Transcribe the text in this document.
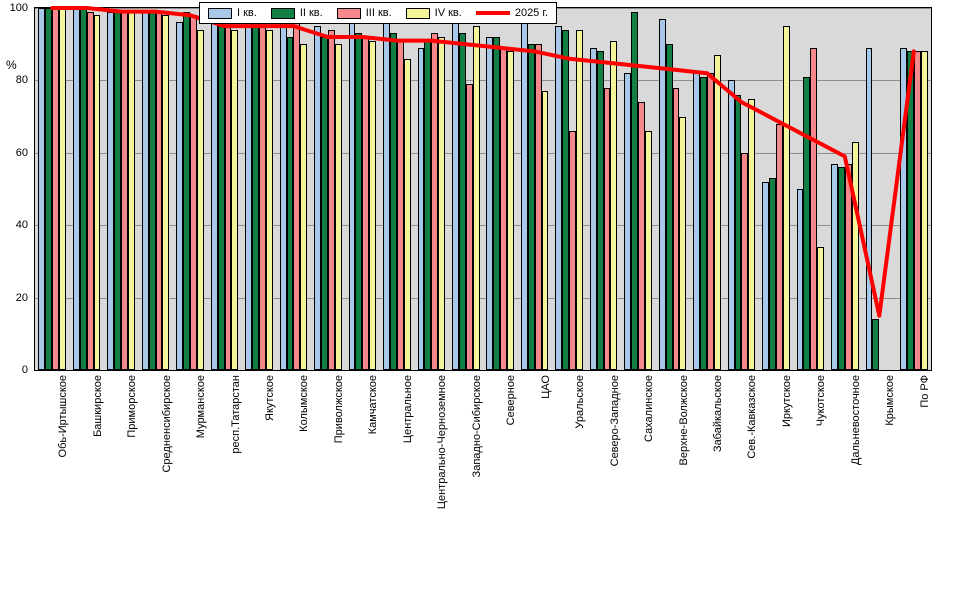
%
0
20
40
60
80
100	I кв.	II кв.	III кв.	IV кв.	2025 г.
Обь-Иртышское Башкирское Приморское Средненсибирское Мурманское респ.Татарстан Якутское Колымское Приволжское Камчатское Центральное Центрально-Черноземное Западно-Сибирское Северное ЦАО Уральское Северо-Западное Сахалинское Верхне-Волжское Забайкальское Сев.-Кавказское Иркутское Чукотское Дальневосточное Крымское По РФ
